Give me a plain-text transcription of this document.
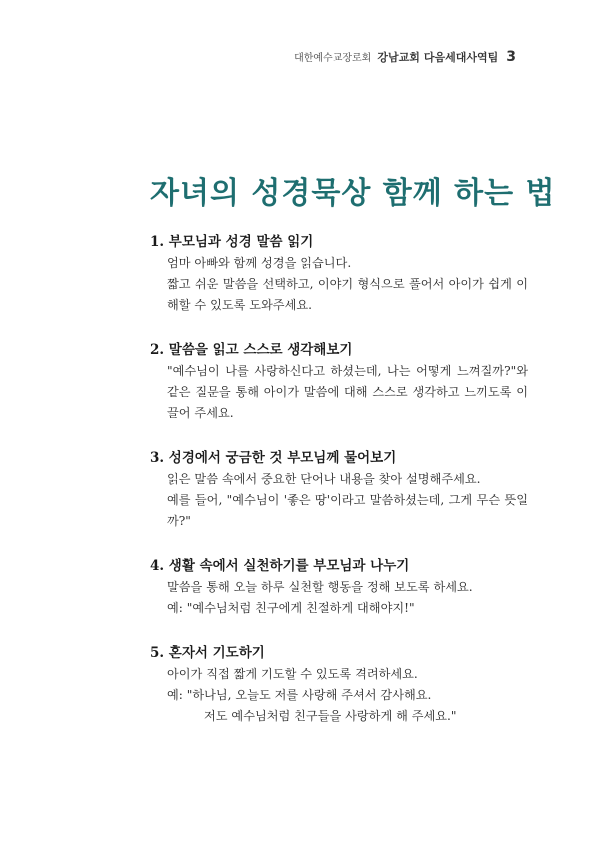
대한예수교장로회 강남교회 다음세대사역팀 3
자녀의 성경묵상 함께 하는 법
1. 부모님과 성경 말씀 읽기

엄마 아빠와 함께 성경을 읽습니다.

짧고 쉬운 말씀을 선택하고, 이야기 형식으로 풀어서 아이가 쉽게 이해할 수 있도록 도와주세요.

2. 말씀을 읽고 스스로 생각해보기

"예수님이 나를 사랑하신다고 하셨는데, 나는 어떻게 느껴질까?"와 같은 질문을 통해 아이가 말씀에 대해 스스로 생각하고 느끼도록 이끌어 주세요.

3. 성경에서 궁금한 것 부모님께 물어보기

읽은 말씀 속에서 중요한 단어나 내용을 찾아 설명해주세요.

예를 들어, "예수님이 '좋은 땅'이라고 말씀하셨는데, 그게 무슨 뜻일까?"

4. 생활 속에서 실천하기를 부모님과 나누기

말씀을 통해 오늘 하루 실천할 행동을 정해 보도록 하세요.

예: "예수님처럼 친구에게 친절하게 대해야지!"

5. 혼자서 기도하기

아이가 직접 짧게 기도할 수 있도록 격려하세요.

예: "하나님, 오늘도 저를 사랑해 주셔서 감사해요.

저도 예수님처럼 친구들을 사랑하게 해 주세요."
